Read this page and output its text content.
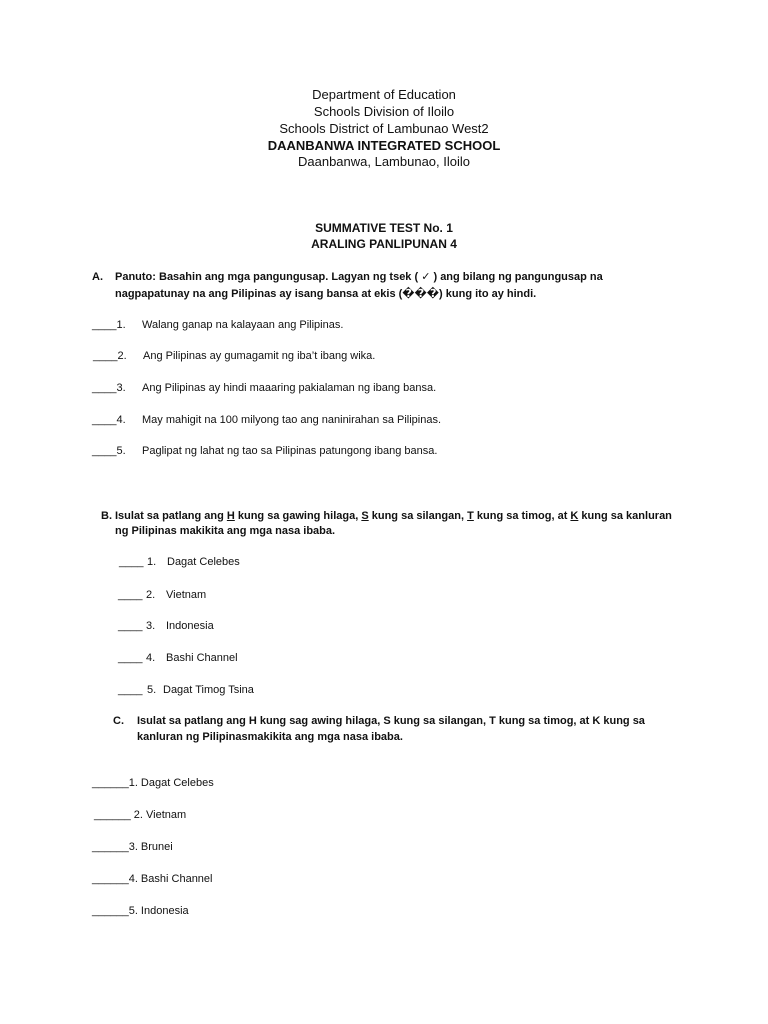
Department of Education
Schools Division of Iloilo
Schools District of Lambunao West2
DAANBANWA INTEGRATED SCHOOL
Daanbanwa, Lambunao, Iloilo
SUMMATIVE TEST No. 1
ARALING PANLIPUNAN 4
A. Panuto: Basahin ang mga pangungusap. Lagyan ng tsek ( ✓ ) ang bilang ng pangungusap na
nagpapatunay na ang Pilipinas ay isang bansa at ekis (���) kung ito ay hindi.
____1. Walang ganap na kalayaan ang Pilipinas.
____2. Ang Pilipinas ay gumagamit ng iba’t ibang wika.
____3. Ang Pilipinas ay hindi maaaring pakialaman ng ibang bansa.
____4. May mahigit na 100 milyong tao ang naninirahan sa Pilipinas.
____5. Paglipat ng lahat ng tao sa Pilipinas patungong ibang bansa.
B. Isulat sa patlang ang H kung sa gawing hilaga, S kung sa silangan, T kung sa timog, at K kung sa kanluran
ng Pilipinas makikita ang mga nasa ibaba.
____ 1. Dagat Celebes
____ 2. Vietnam
____ 3. Indonesia
____ 4. Bashi Channel
____ 5. Dagat Timog Tsina
C. Isulat sa patlang ang H kung sag awing hilaga, S kung sa silangan, T kung sa timog, at K kung sa
kanluran ng Pilipinasmakikita ang mga nasa ibaba.
______1. Dagat Celebes
______ 2. Vietnam
______3. Brunei
______4. Bashi Channel
______5. Indonesia
